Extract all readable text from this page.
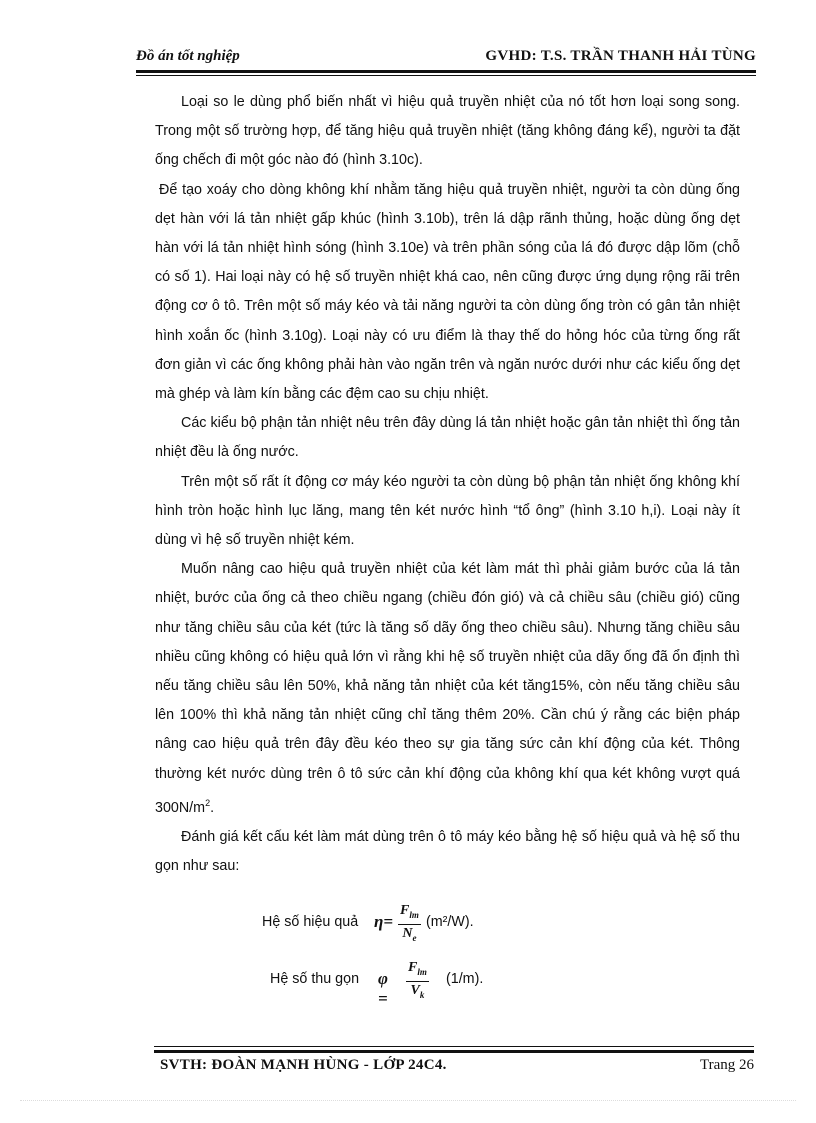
Đồ án tốt nghiệp	GVHD: T.S. TRẦN THANH HẢI TÙNG

Loại so le dùng phổ biến nhất vì hiệu quả truyền nhiệt của nó tốt hơn loại song song. Trong một số trường hợp, để tăng hiệu quả truyền nhiệt (tăng không đáng kể), người ta đặt ống chếch đi một góc nào đó (hình 3.10c).

Để tạo xoáy cho dòng không khí nhằm tăng hiệu quả truyền nhiệt, người ta còn dùng ống dẹt hàn với lá tản nhiệt gấp khúc (hình 3.10b), trên lá dập rãnh thủng, hoặc dùng ống dẹt hàn với lá tản nhiệt hình sóng (hình 3.10e) và trên phần sóng của lá đó được dập lõm (chỗ có số 1). Hai loại này có hệ số truyền nhiệt khá cao, nên cũng được ứng dụng rộng rãi trên động cơ ô tô. Trên một số máy kéo và tải năng người ta còn dùng ống tròn có gân tản nhiệt hình xoắn ốc (hình 3.10g). Loại này có ưu điểm là thay thế do hỏng hóc của từng ống rất đơn giản vì các ống không phải hàn vào ngăn trên và ngăn nước dưới như các kiểu ống dẹt mà ghép và làm kín bằng các đệm cao su chịu nhiệt.

Các kiểu bộ phận tản nhiệt nêu trên đây dùng lá tản nhiệt hoặc gân tản nhiệt thì ống tản nhiệt đều là ống nước.

Trên một số rất ít động cơ máy kéo người ta còn dùng bộ phận tản nhiệt ống không khí hình tròn hoặc hình lục lăng, mang tên két nước hình “tổ ông” (hình 3.10 h,i). Loại này ít dùng vì hệ số truyền nhiệt kém.

Muốn nâng cao hiệu quả truyền nhiệt của két làm mát thì phải giảm bước của lá tản nhiệt, bước của ống cả theo chiều ngang (chiều đón gió) và cả chiều sâu (chiều gió) cũng như tăng chiều sâu của két (tức là tăng số dãy ống theo chiều sâu). Nhưng tăng chiều sâu nhiều cũng không có hiệu quả lớn vì rằng khi hệ số truyền nhiệt của dãy ống đã ổn định thì nếu tăng chiều sâu lên 50%, khả năng tản nhiệt của két tăng15%, còn nếu tăng chiều sâu lên 100% thì khả năng tản nhiệt cũng chỉ tăng thêm 20%. Cần chú ý rằng các biện pháp nâng cao hiệu quả trên đây đều kéo theo sự gia tăng sức cản khí động của két. Thông thường két nước dùng trên ô tô sức cản khí động của không khí qua két không vượt quá $300N/m^2$.

Đánh giá kết cấu két làm mát dùng trên ô tô máy kéo bằng hệ số hiệu quả và hệ số thu gọn như sau:

Hệ số hiệu quả η=
$F_{lm}$
$N_e$
(m²/W).
Hệ số thu gọn φ =
$F_{lm}$
$V_k$
(1/m).
SVTH: ĐOÀN MẠNH HÙNG - LỚP 24C4.	Trang 26
